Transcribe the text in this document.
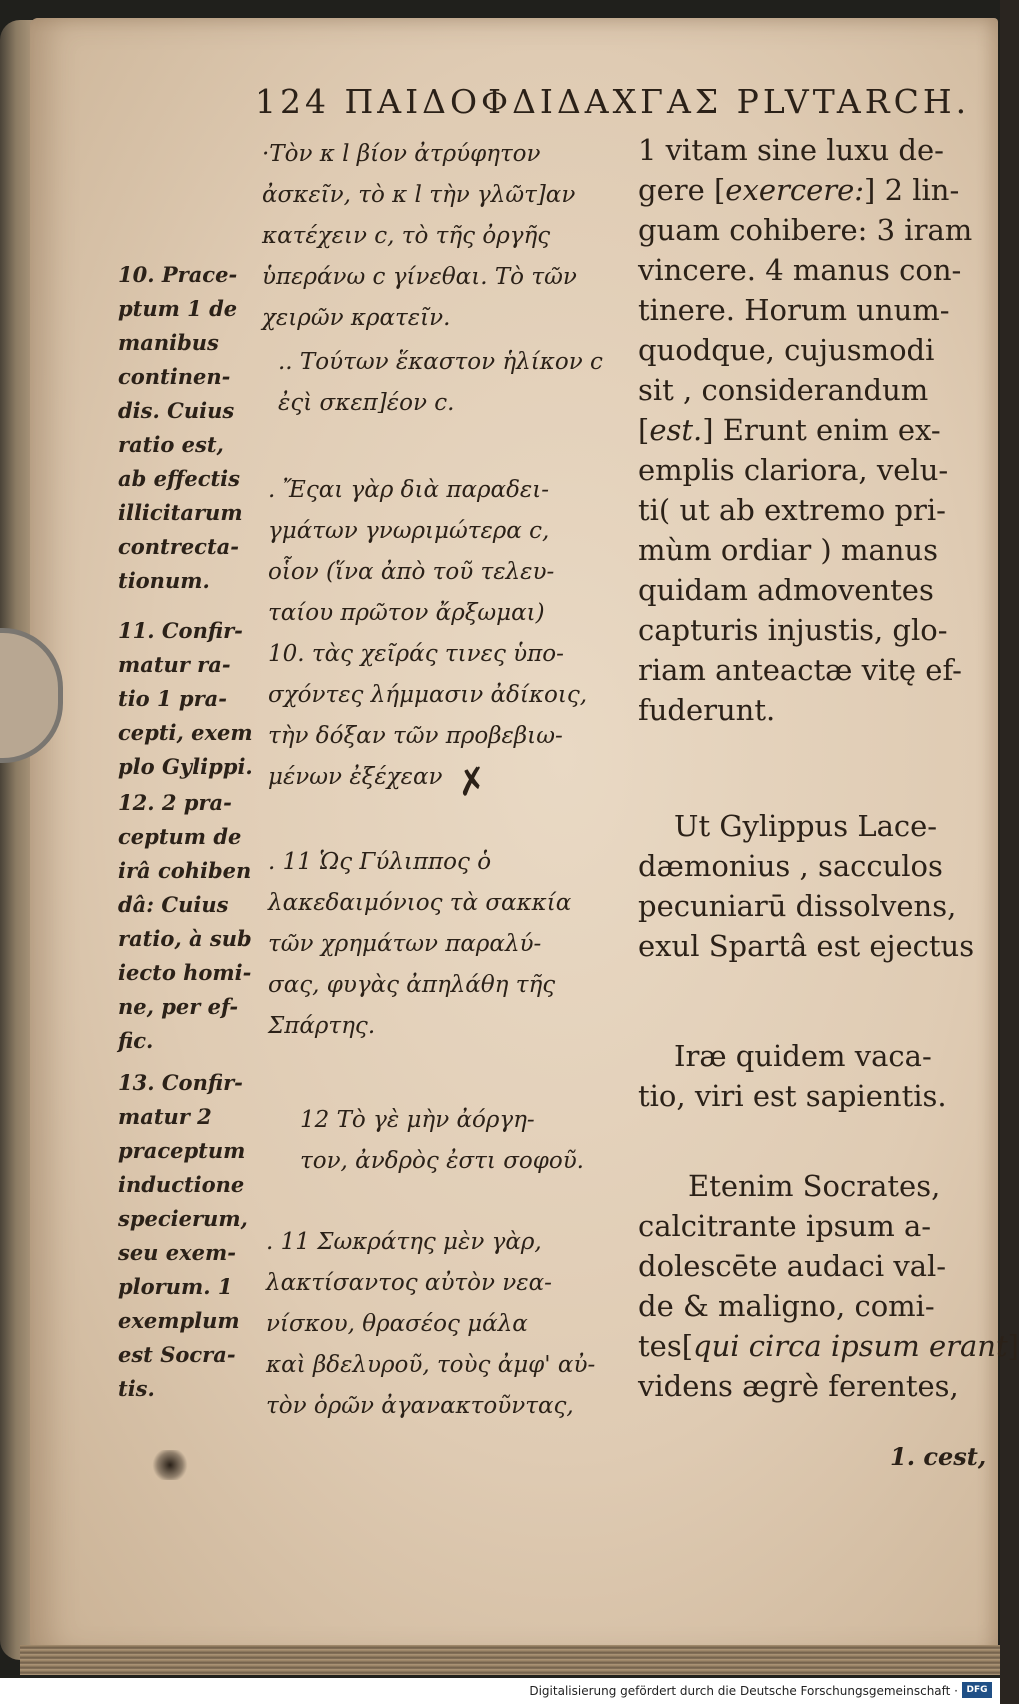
124 ΠΑΙΔΟΦΔΙΔΑΧΓΑΣ PLVTARCH.
10. Prace-
ptum 1 de
manibus
continen-
dis. Cuius
ratio est,
ab effectis
illicitarum
contrecta-
tionum.
11. Confir-
matur ra-
tio 1 pra-
cepti, exem
plo Gylippi.
12. 2 pra-
ceptum de
irâ cohiben
dâ: Cuius
ratio, à sub
iecto homi-
ne, per ef-
fic.
13. Confir-
matur 2
praceptum
inductione
specierum,
seu exem-
plorum. 1
exemplum
est Socra-
tis.
·Τὸν κ l βίον ἀτρύφητον
ἀσκεῖν, τὸ κ l τὴν γλῶτ]αν
κατέχειν c, τὸ τῆς ὀργῆς
ὑπεράνω c γίνεθαι. Τὸ τῶν
χειρῶν κρατεῖν.
.. Τούτων ἕκαστον ἡλίκον c
ἐςὶ σκεπ]έον c.
. Ἔςαι γὰρ διὰ παραδει-
γμάτων γνωριμώτερα c,
οἷον (ἵνα ἀπὸ τοῦ τελευ-
ταίου πρῶτον ἄρξωμαι)
10. τὰς χεῖράς τινες ὑπο-
σχόντες λήμμασιν ἀδίκοις,
τὴν δόξαν τῶν προβεβιω-
μένων ἐξέχεαν ✗
. 11 Ὡς Γύλιππος ὁ
λακεδαιμόνιος τὰ σακκία
τῶν χρημάτων παραλύ-
σας, φυγὰς ἀπηλάθη τῆς
Σπάρτης.
12 Τὸ γὲ μὴν ἀόργη-
τον, ἀνδρὸς ἐστι σοφοῦ.
. 11 Σωκράτης μὲν γὰρ,
λακτίσαντος αὐτὸν νεα-
νίσκου, θρασέος μάλα
καὶ βδελυροῦ, τοὺς ἀμφ' αὐ-
τὸν ὁρῶν ἀγανακτοῦντας,
1 vitam sine luxu de-
gere [exercere:] 2 lin-
guam cohibere: 3 iram
vincere. 4 manus con-
tinere. Horum unum-
quodque, cujusmodi
sit , considerandum
[est.] Erunt enim ex-
emplis clariora, velu-
ti( ut ab extremo pri-
mùm ordiar ) manus
quidam admoventes
capturis injustis, glo-
riam anteactæ vitę ef-
fuderunt.
Ut Gylippus Lace-
dæmonius , sacculos
pecuniarū dissolvens,
exul Spartâ est ejectus
Iræ quidem vaca-
tio, viri est sapientis.
Etenim Socrates,
calcitrante ipsum a-
dolescēte audaci val-
de & maligno, comi-
tes[qui circa ipsum erant]
videns ægrè ferentes,
1. cest,
Digitalisierung gefördert durch die Deutsche Forschungsgemeinschaft · DFG
